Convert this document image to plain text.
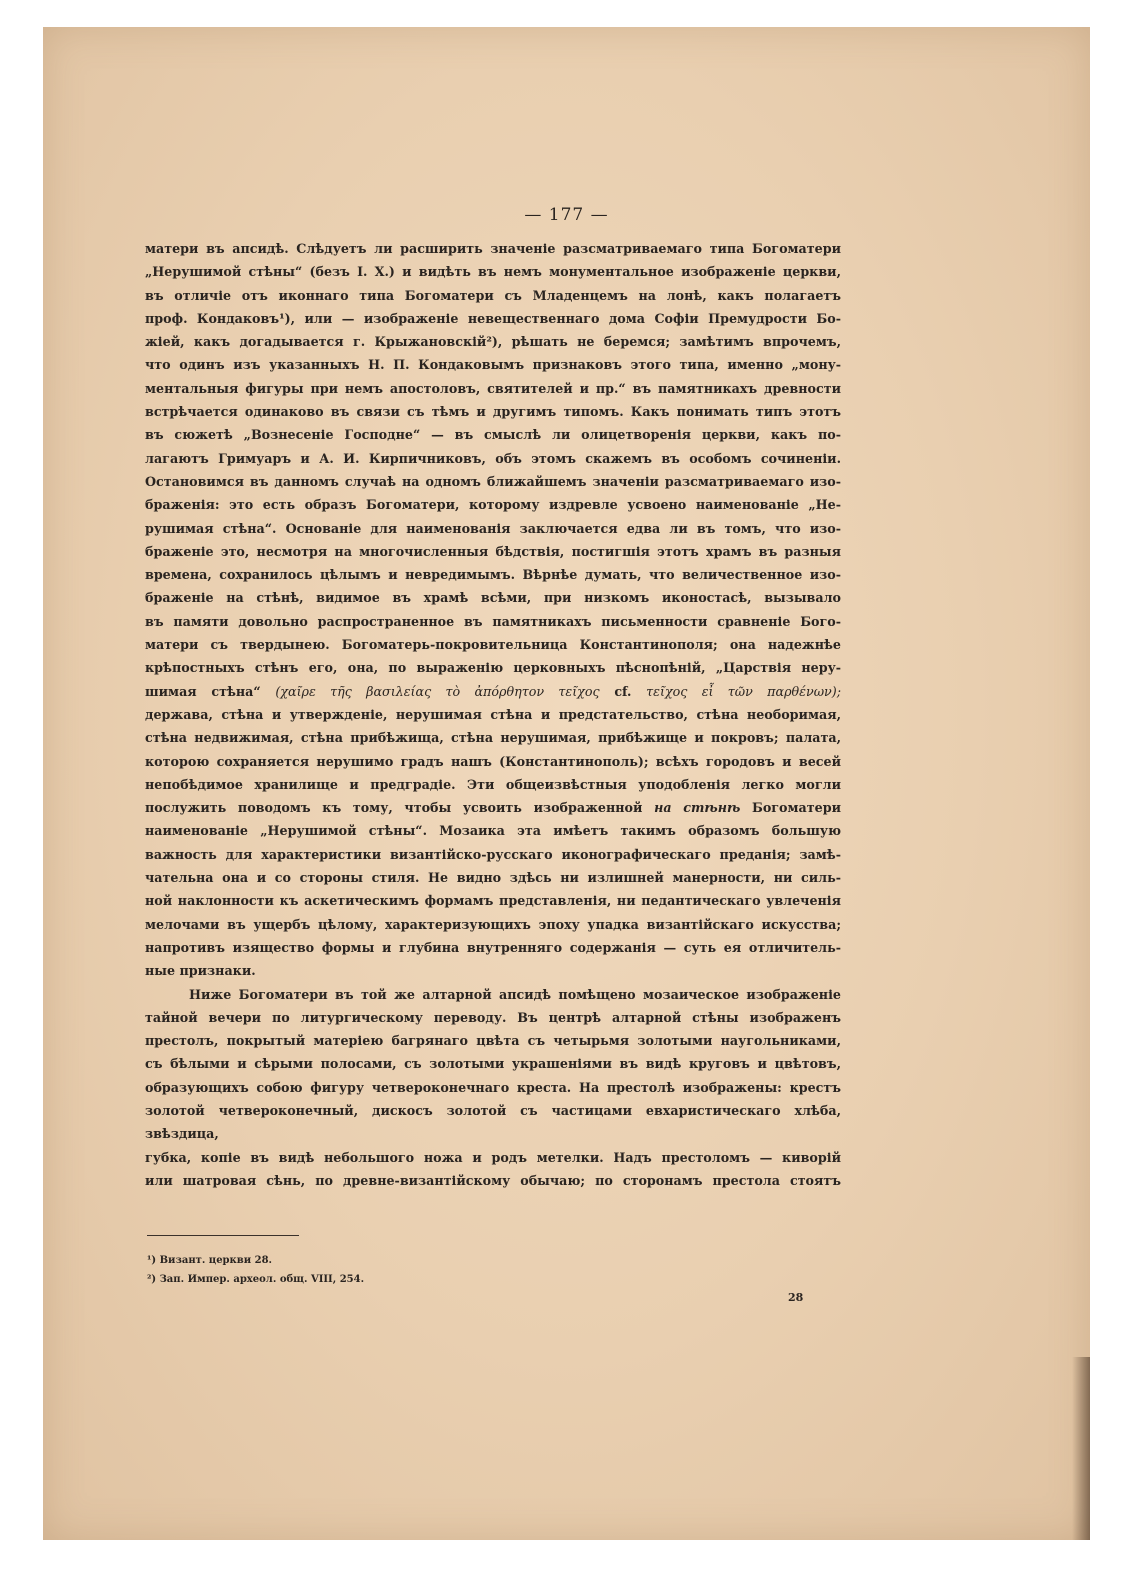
— 177 —

матери въ апсидѣ. Слѣдуетъ ли расширить значеніе разсматриваемаго типа Богоматери

„Нерушимой стѣны“ (безъ І. Х.) и видѣть въ немъ монументальное изображеніе церкви,

въ отличіе отъ иконнаго типа Богоматери съ Младенцемъ на лонѣ, какъ полагаетъ

проф. Кондаковъ¹), или — изображеніе невещественнаго дома Софіи Премудрости Бо-

жіей, какъ догадывается г. Крыжановскій²), рѣшать не беремся; замѣтимъ впрочемъ,

что одинъ изъ указанныхъ Н. П. Кондаковымъ признаковъ этого типа, именно „мону-

ментальныя фигуры при немъ апостоловъ, святителей и пр.“ въ памятникахъ древности

встрѣчается одинаково въ связи съ тѣмъ и другимъ типомъ. Какъ понимать типъ этотъ

въ сюжетѣ „Вознесеніе Господне“ — въ смыслѣ ли олицетворенія церкви, какъ по-

лагаютъ Гримуаръ и А. И. Кирпичниковъ, объ этомъ скажемъ въ особомъ сочиненіи.

Остановимся въ данномъ случаѣ на одномъ ближайшемъ значеніи разсматриваемаго изо-

браженія: это есть образъ Богоматери, которому издревле усвоено наименованіе „Не-

рушимая стѣна“. Основаніе для наименованія заключается едва ли въ томъ, что изо-

браженіе это, несмотря на многочисленныя бѣдствія, постигшія этотъ храмъ въ разныя

времена, сохранилось цѣлымъ и невредимымъ. Вѣрнѣе думать, что величественное изо-

браженіе на стѣнѣ, видимое въ храмѣ всѣми, при низкомъ иконостасѣ, вызывало

въ памяти довольно распространенное въ памятникахъ письменности сравненіе Бого-

матери съ твердынею. Богоматерь-покровительница Константинополя; она надежнѣе

крѣпостныхъ стѣнъ его, она, по выраженію церковныхъ пѣснопѣній, „Царствія неру-

шимая стѣна“ (χαῖρε τῆς βασιλείας τὸ ἀπόρθητον τεῖχος cf. τεῖχος εἶ τῶν παρθένων);

держава, стѣна и утвержденіе, нерушимая стѣна и предстательство, стѣна необоримая,

стѣна недвижимая, стѣна прибѣжища, стѣна нерушимая, прибѣжище и покровъ; палата,

которою сохраняется нерушимо градъ нашъ (Константинополь); всѣхъ городовъ и весей

непобѣдимое хранилище и предградіе. Эти общеизвѣстныя уподобленія легко могли

послужить поводомъ къ тому, чтобы усвоить изображенной на стѣнѣ Богоматери

наименованіе „Нерушимой стѣны“. Мозаика эта имѣетъ такимъ образомъ большую

важность для характеристики византійско-русскаго иконографическаго преданія; замѣ-

чательна она и со стороны стиля. Не видно здѣсь ни излишней манерности, ни силь-

ной наклонности къ аскетическимъ формамъ представленія, ни педантическаго увлеченія

мелочами въ ущербъ цѣлому, характеризующихъ эпоху упадка византійскаго искусства;

напротивъ изящество формы и глубина внутренняго содержанія — суть ея отличитель-

ные признаки.

Ниже Богоматери въ той же алтарной апсидѣ помѣщено мозаическое изображеніе

тайной вечери по литургическому переводу. Въ центрѣ алтарной стѣны изображенъ

престолъ, покрытый матеріею багрянаго цвѣта съ четырьмя золотыми наугольниками,

съ бѣлыми и сѣрыми полосами, съ золотыми украшеніями въ видѣ круговъ и цвѣтовъ,

образующихъ собою фигуру четвероконечнаго креста. На престолѣ изображены: крестъ

золотой четвероконечный, дискосъ золотой съ частицами евхаристическаго хлѣба, звѣздица,

губка, копіе въ видѣ небольшого ножа и родъ метелки. Надъ престоломъ — киворій

или шатровая сѣнь, по древне-византійскому обычаю; по сторонамъ престола стоятъ

¹) Визант. церкви 28.
²) Зап. Импер. археол. общ. VIII, 254.
28
